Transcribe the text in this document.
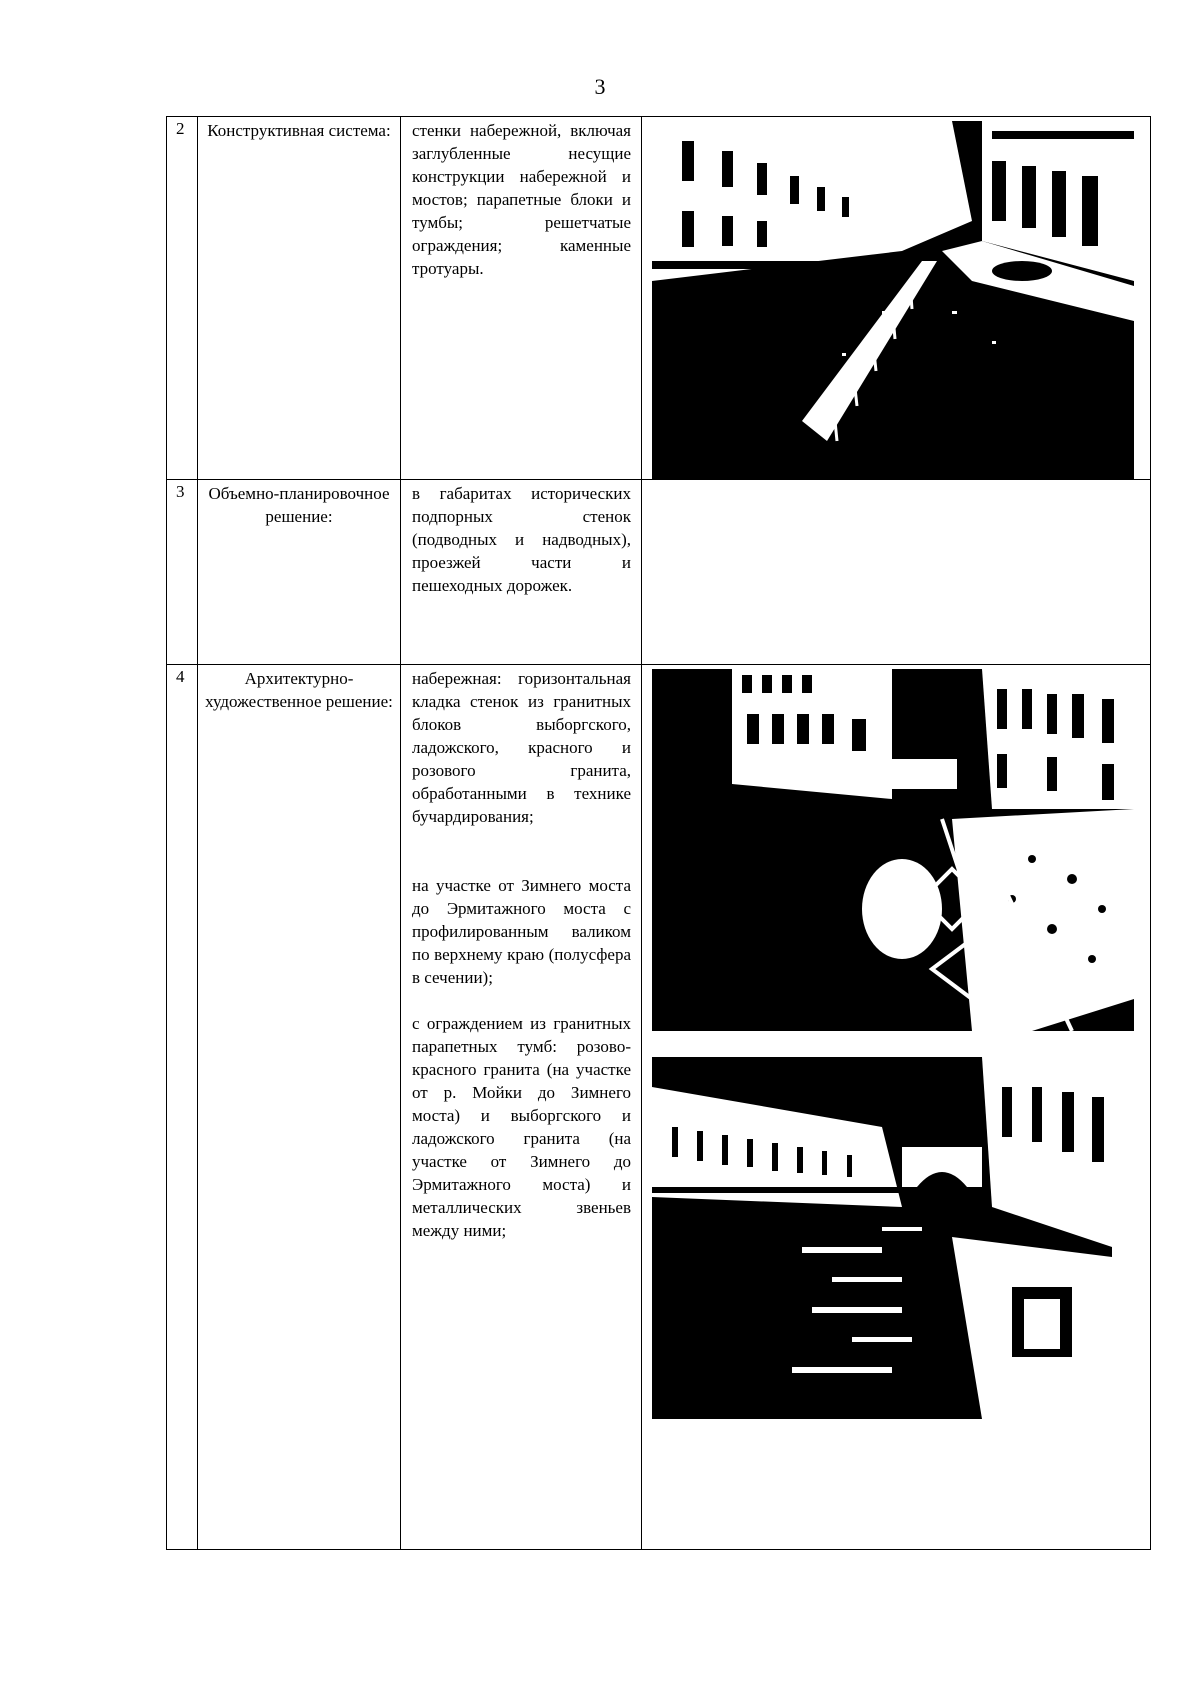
3
2	Конструктивная система:	стенки набережной, включая заглубленные несущие конструкции набережной и мостов; парапетные блоки и тумбы; решетчатые ограждения; каменные тротуары.

3	Объемно-планировочное решение:	в габаритах исторических подпорных стенок (подводных и надводных), проезжей части и пешеходных дорожек.	

4	Архитектурно-художественное решение:	набережная: горизонтальная кладка стенок из гранитных блоков выборгского, ладожского, красного и розового гранита, обработанными в технике бучардирования;

на участке от Зимнего моста до Эрмитажного моста с профилированным валиком по верхнему краю (полусфера в сечении);

с ограждением из гранитных парапетных тумб: розово-красного гранита (на участке от р. Мойки до Зимнего моста) и выборгского и ладожского гранита (на участке от Зимнего до Эрмитажного моста) и металлических звеньев между ними;
